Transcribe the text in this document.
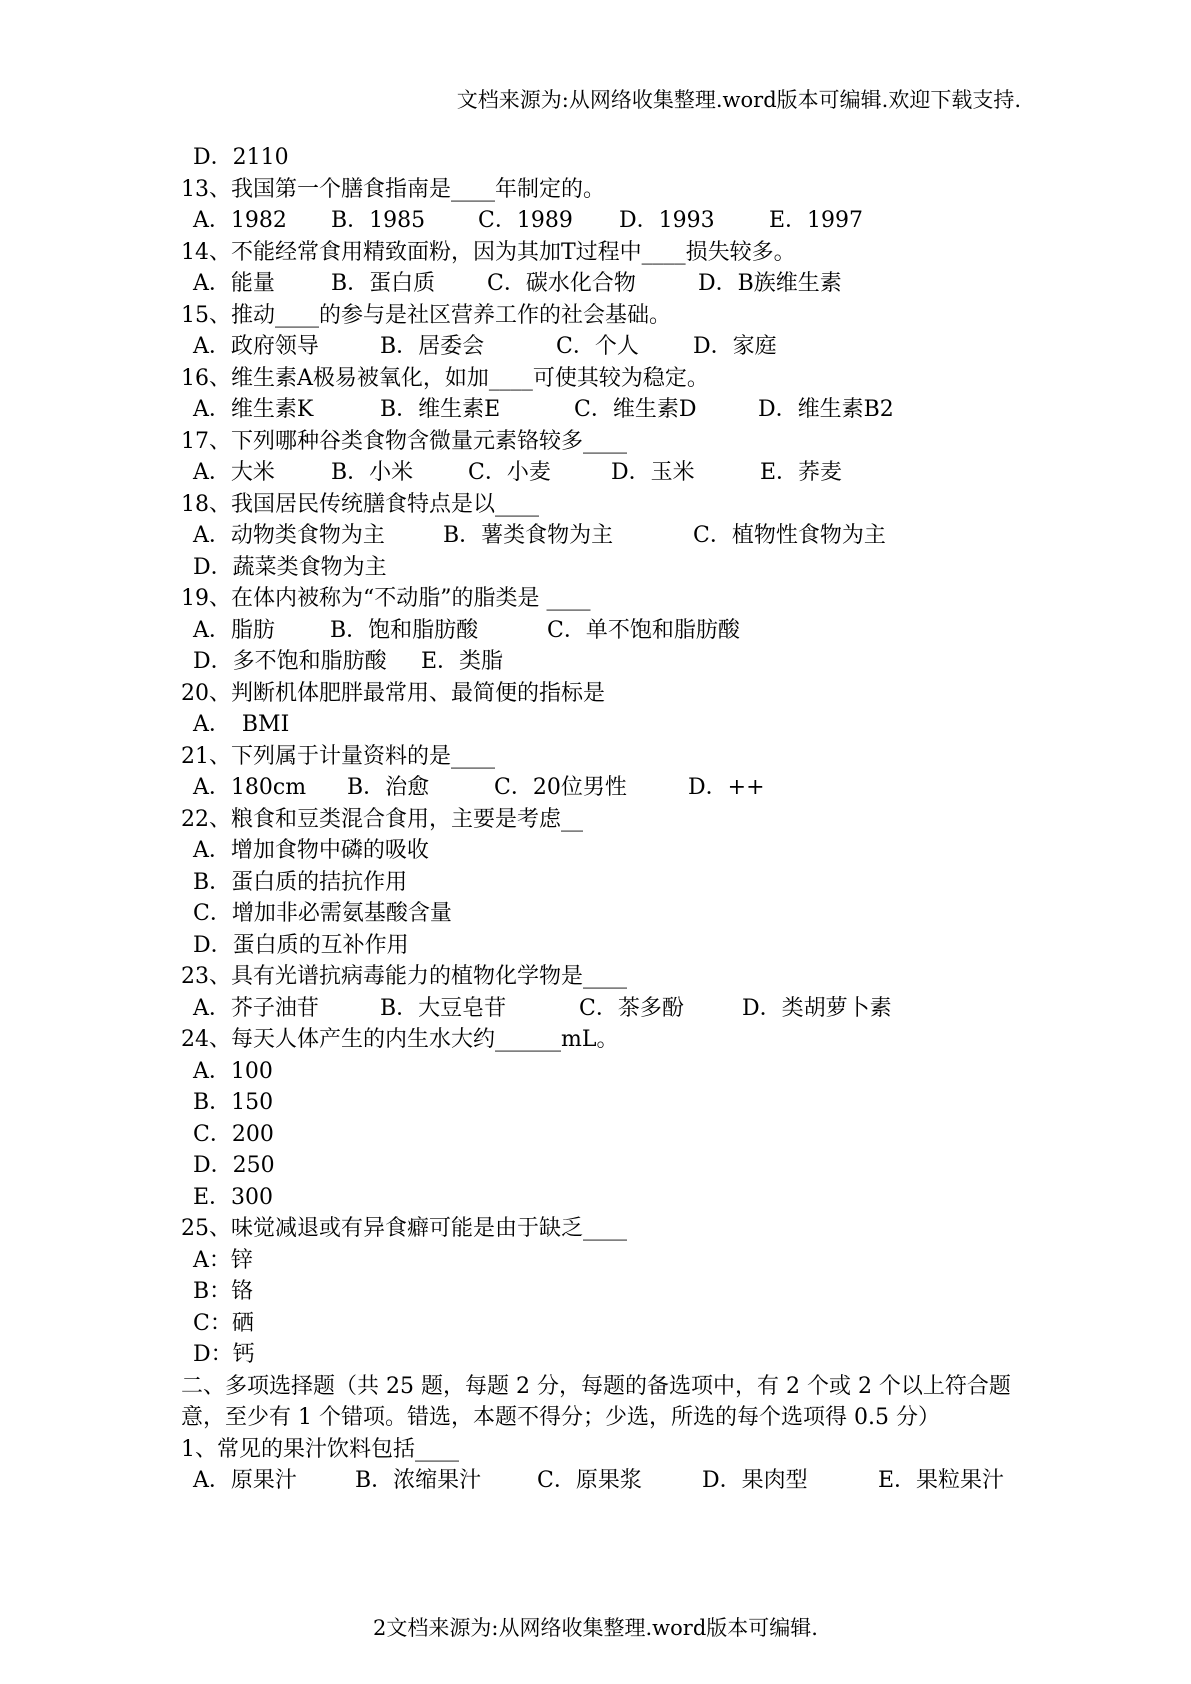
文档来源为:从网络收集整理.word版本可编辑.欢迎下载支持.
D．2110
13、我国第一个膳食指南是____年制定的。
A．1982 B．1985 C．1989 D．1993 E．1997
14、不能经常食用精致面粉，因为其加T过程中____损失较多。
A．能量	B．蛋白质 C．碳水化合物	D．B族维生素
15、推动____的参与是社区营养工作的社会基础。
A．政府领导	B．居委会	C．个人 D．家庭
16、维生素A极易被氧化，如加____可使其较为稳定。
A．维生素K	B．维生素E	C．维生素D	D．维生素B2
17、下列哪种谷类食物含微量元素铬较多____
A．大米	B．小米 C．小麦	D．玉米	E．荞麦
18、我国居民传统膳食特点是以____
A．动物类食物为主	B．薯类食物为主	C．植物性食物为主D．蔬菜类食物为主
19、在体内被称为“不动脂”的脂类是 ____
A．脂肪	B．饱和脂肪酸	C．单不饱和脂肪酸D．多不饱和脂肪酸 E．类脂
20、判断机体肥胖最常用、最简便的指标是
A．　BMI
21、下列属于计量资料的是____
A．180cm B．治愈	C．20位男性	D．++
22、粮食和豆类混合食用，主要是考虑__
A．增加食物中磷的吸收
B．蛋白质的拮抗作用
C．增加非必需氨基酸含量
D．蛋白质的互补作用
23、具有光谱抗病毒能力的植物化学物是____
A．芥子油苷	B．大豆皂苷	C．茶多酚	D．类胡萝卜素
24、每天人体产生的内生水大约______mL。
A．100
B．150
C．200
D．250
E．300
25、味觉减退或有异食癖可能是由于缺乏____
A：锌
B：铬
C：硒
D：钙
二、多项选择题（共 25 题，每题 2 分，每题的备选项中，有 2 个或 2 个以上符合题意，至少有 1 个错项。错选，本题不得分；少选，所选的每个选项得 0.5 分）
1、常见的果汁饮料包括____
A．原果汁	B．浓缩果汁	C．原果浆	D．果肉型	E．果粒果汁
2文档来源为:从网络收集整理.word版本可编辑.
